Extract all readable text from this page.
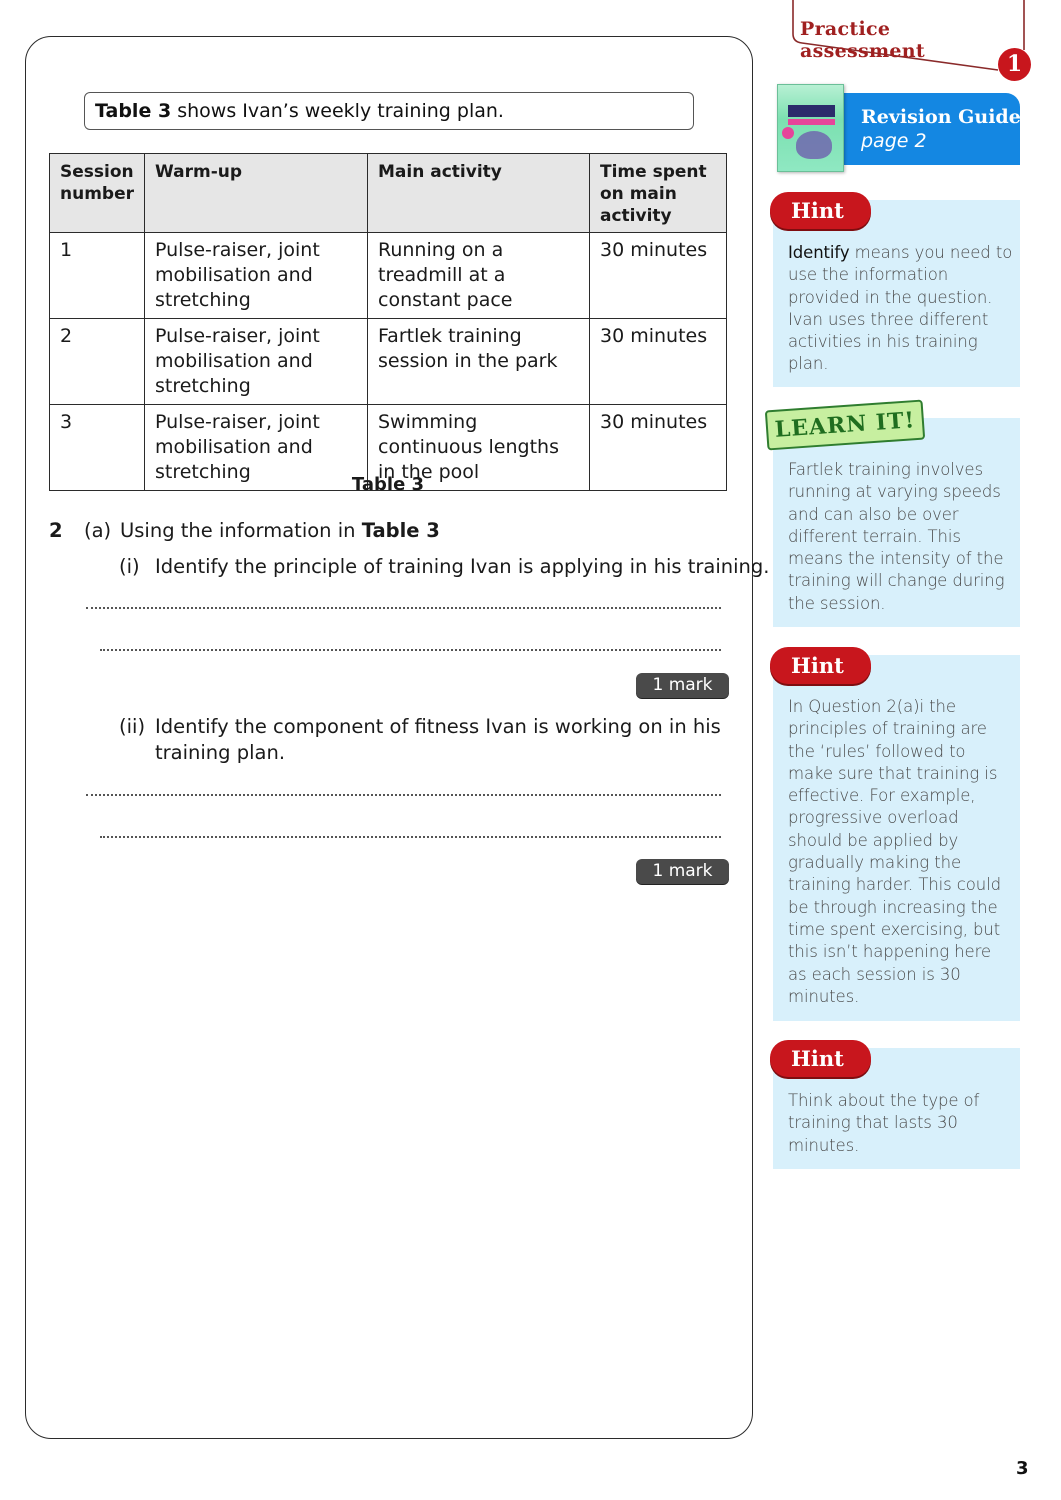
Table 3 shows Ivan’s weekly training plan.
Session number	Warm-up	Main activity	Time spent on main activity
1	Pulse-raiser, joint mobilisation and stretching	Running on a treadmill at a constant pace	30 minutes
2	Pulse-raiser, joint mobilisation and stretching	Fartlek training session in the park	30 minutes
3	Pulse-raiser, joint mobilisation and stretching	Swimming continuous lengths in the pool	30 minutes
Table 3
2 (a) Using the information in Table 3
(i) Identify the principle of training Ivan is applying in his training.
1 mark
(ii) Identify the component of fitness Ivan is working on in his
training plan.
1 mark
Practice assessment	1
Revision Guide
page 2
Hint
Identify means you need to use the information provided in the question. Ivan uses three different activities in his training plan.
LEARN IT!
Fartlek training involves running at varying speeds and can also be over different terrain. This means the intensity of the training will change during the session.
Hint
In Question 2(a)i the principles of training are the ‘rules’ followed to make sure that training is effective. For example, progressive overload should be applied by gradually making the training harder. This could be through increasing the time spent exercising, but this isn’t happening here as each session is 30 minutes.
Hint
Think about the type of training that lasts 30 minutes.
3
